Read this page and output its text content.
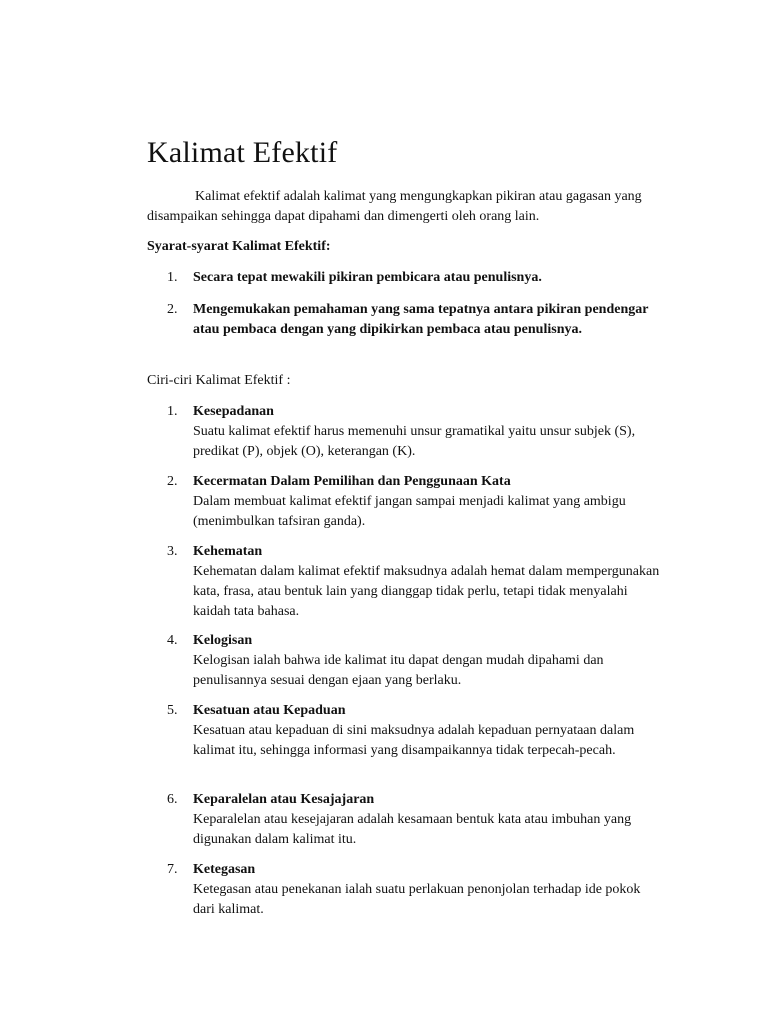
Kalimat Efektif

Kalimat efektif adalah kalimat yang mengungkapkan pikiran atau gagasan yang disampaikan sehingga dapat dipahami dan dimengerti oleh orang lain.

Syarat-syarat Kalimat Efektif:

1.	Secara tepat mewakili pikiran pembicara atau penulisnya.
2.	Mengemukakan pemahaman yang sama tepatnya antara pikiran pendengar atau pembaca dengan yang dipikirkan pembaca atau penulisnya.

Ciri-ciri Kalimat Efektif :

1.	Kesepadanan
Suatu kalimat efektif harus memenuhi unsur gramatikal yaitu unsur subjek (S), predikat (P), objek (O), keterangan (K).
2.	Kecermatan Dalam Pemilihan dan Penggunaan Kata
Dalam membuat kalimat efektif jangan sampai menjadi kalimat yang ambigu (menimbulkan tafsiran ganda).
3.	Kehematan
Kehematan dalam kalimat efektif maksudnya adalah hemat dalam mempergunakan kata, frasa, atau bentuk lain yang dianggap tidak perlu, tetapi tidak menyalahi kaidah tata bahasa.
4.	Kelogisan
Kelogisan ialah bahwa ide kalimat itu dapat dengan mudah dipahami dan penulisannya sesuai dengan ejaan yang berlaku.
5.	Kesatuan atau Kepaduan
Kesatuan atau kepaduan di sini maksudnya adalah kepaduan pernyataan dalam kalimat itu, sehingga informasi yang disampaikannya tidak terpecah-pecah.
6.	Keparalelan atau Kesajajaran
Keparalelan atau kesejajaran adalah kesamaan bentuk kata atau imbuhan yang digunakan dalam kalimat itu.
7.	Ketegasan
Ketegasan atau penekanan ialah suatu perlakuan penonjolan terhadap ide pokok dari kalimat.
